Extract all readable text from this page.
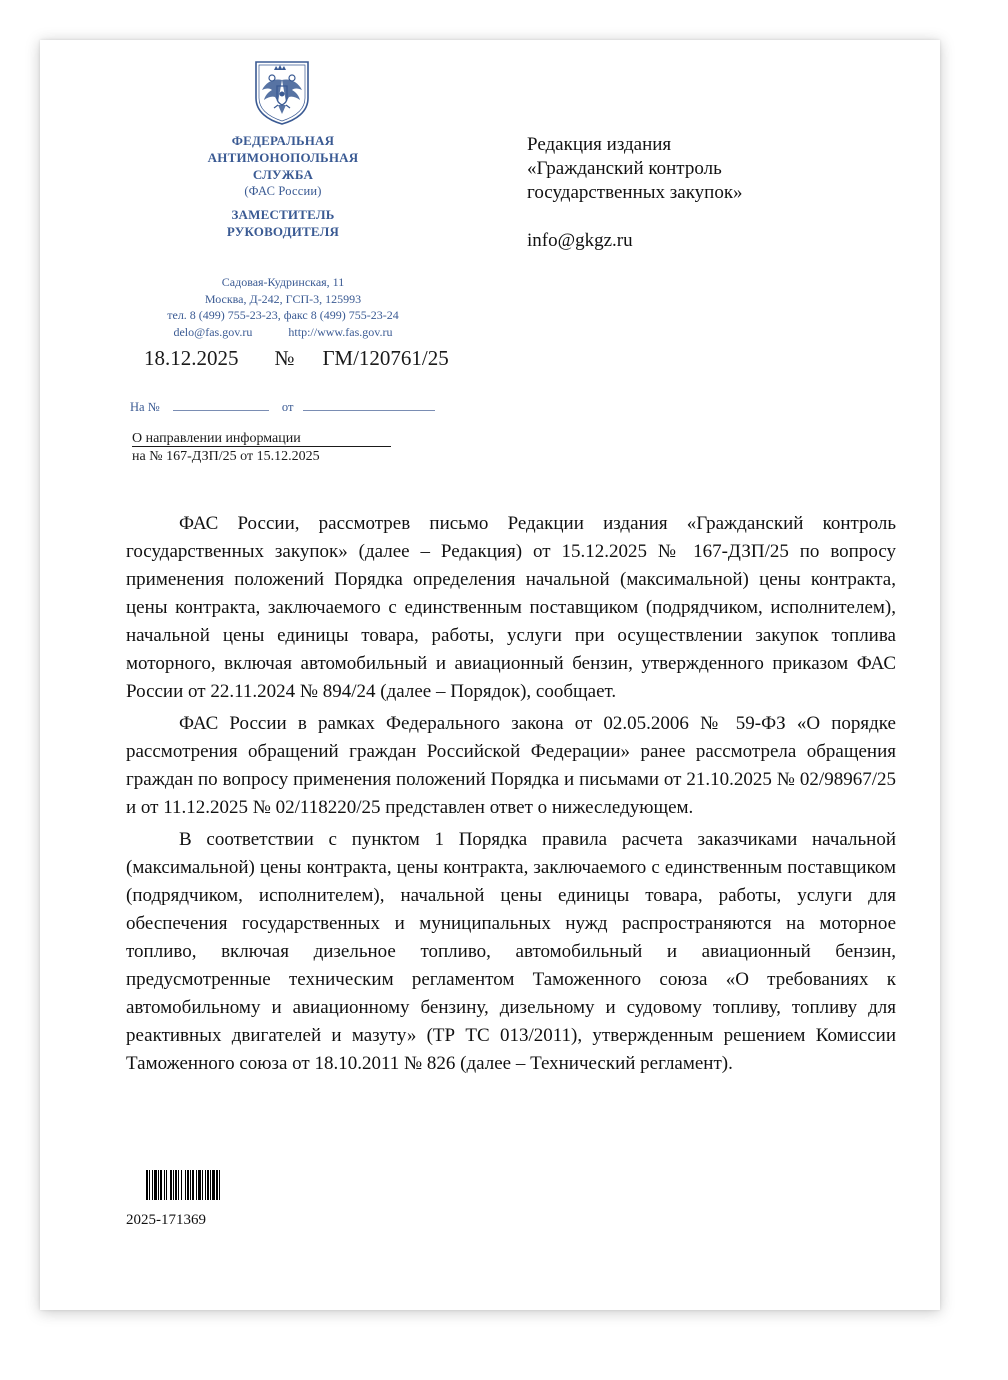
ФЕДЕРАЛЬНАЯ
АНТИМОНОПОЛЬНАЯ
СЛУЖБА
(ФАС России)
ЗАМЕСТИТЕЛЬ
РУКОВОДИТЕЛЯ
Садовая-Кудринская, 11
Москва, Д-242, ГСП-3, 125993
тел. 8 (499) 755-23-23, факс 8 (499) 755-23-24
delo@fas.gov.ru	http://www.fas.gov.ru
18.12.2025 № ГМ/120761/25
На №	от
О направлении информации
на № 167-ДЗП/25 от 15.12.2025
Редакция издания
«Гражданский контроль
государственных закупок»
info@gkgz.ru

ФАС России, рассмотрев письмо Редакции издания «Гражданский контроль государственных закупок» (далее – Редакция) от 15.12.2025 № 167-ДЗП/25 по вопросу применения положений Порядка определения начальной (максимальной) цены контракта, цены контракта, заключаемого с единственным поставщиком (подрядчиком, исполнителем), начальной цены единицы товара, работы, услуги при осуществлении закупок топлива моторного, включая автомобильный и авиационный бензин, утвержденного приказом ФАС России от 22.11.2024 № 894/24 (далее – Порядок), сообщает.

ФАС России в рамках Федерального закона от 02.05.2006 № 59-ФЗ «О порядке рассмотрения обращений граждан Российской Федерации» ранее рассмотрела обращения граждан по вопросу применения положений Порядка и письмами от 21.10.2025 № 02/98967/25 и от 11.12.2025 № 02/118220/25 представлен ответ о нижеследующем.

В соответствии с пунктом 1 Порядка правила расчета заказчиками начальной (максимальной) цены контракта, цены контракта, заключаемого с единственным поставщиком (подрядчиком, исполнителем), начальной цены единицы товара, работы, услуги для обеспечения государственных и муниципальных нужд распространяются на моторное топливо, включая дизельное топливо, автомобильный и авиационный бензин, предусмотренные техническим регламентом Таможенного союза «О требованиях к автомобильному и авиационному бензину, дизельному и судовому топливу, топливу для реактивных двигателей и мазуту» (ТР ТС 013/2011), утвержденным решением Комиссии Таможенного союза от 18.10.2011 № 826 (далее – Технический регламент).

2025-171369
